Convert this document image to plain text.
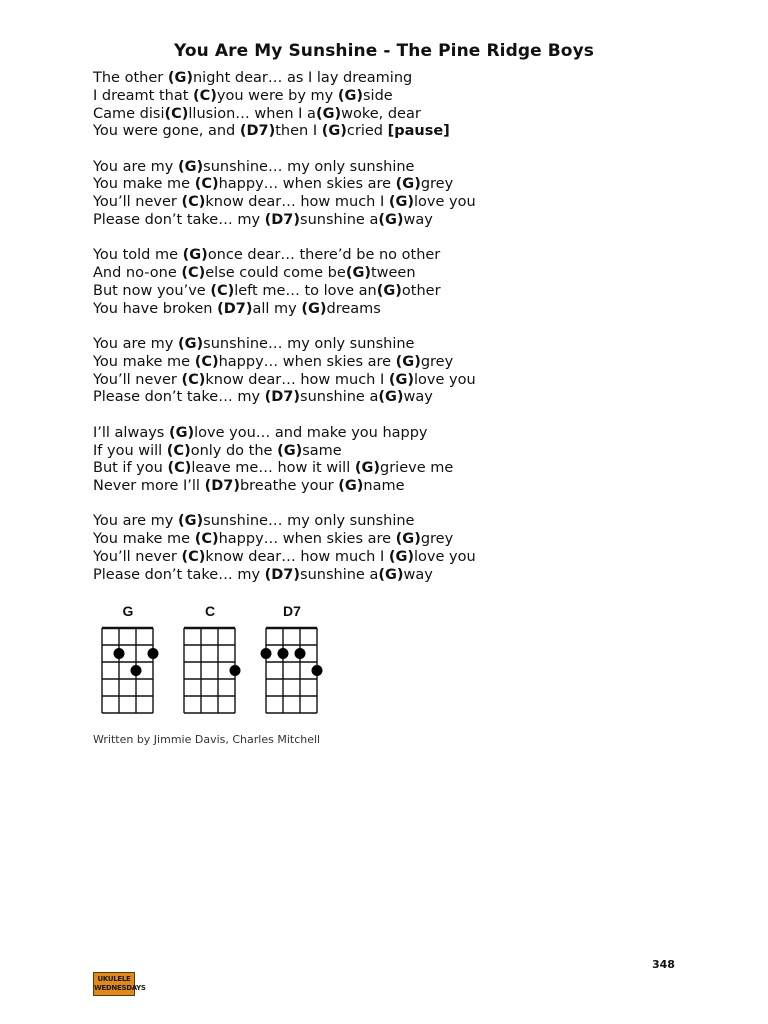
You Are My Sunshine - The Pine Ridge Boys
The other (G)night dear… as I lay dreaming
I dreamt that (C)you were by my (G)side
Came disi(C)llusion… when I a(G)woke, dear
You were gone, and (D7)then I (G)cried [pause]
You are my (G)sunshine… my only sunshine
You make me (C)happy… when skies are (G)grey
You’ll never (C)know dear… how much I (G)love you
Please don’t take… my (D7)sunshine a(G)way
You told me (G)once dear… there’d be no other
And no-one (C)else could come be(G)tween
But now you’ve (C)left me… to love an(G)other
You have broken (D7)all my (G)dreams
You are my (G)sunshine… my only sunshine
You make me (C)happy… when skies are (G)grey
You’ll never (C)know dear… how much I (G)love you
Please don’t take… my (D7)sunshine a(G)way
I’ll always (G)love you… and make you happy
If you will (C)only do the (G)same
But if you (C)leave me… how it will (G)grieve me
Never more I’ll (D7)breathe your (G)name
You are my (G)sunshine… my only sunshine
You make me (C)happy… when skies are (G)grey
You’ll never (C)know dear… how much I (G)love you
Please don’t take… my (D7)sunshine a(G)way
G	C	D7
Written by Jimmie Davis, Charles Mitchell
348
UKULELE
WEDNESDAYS
